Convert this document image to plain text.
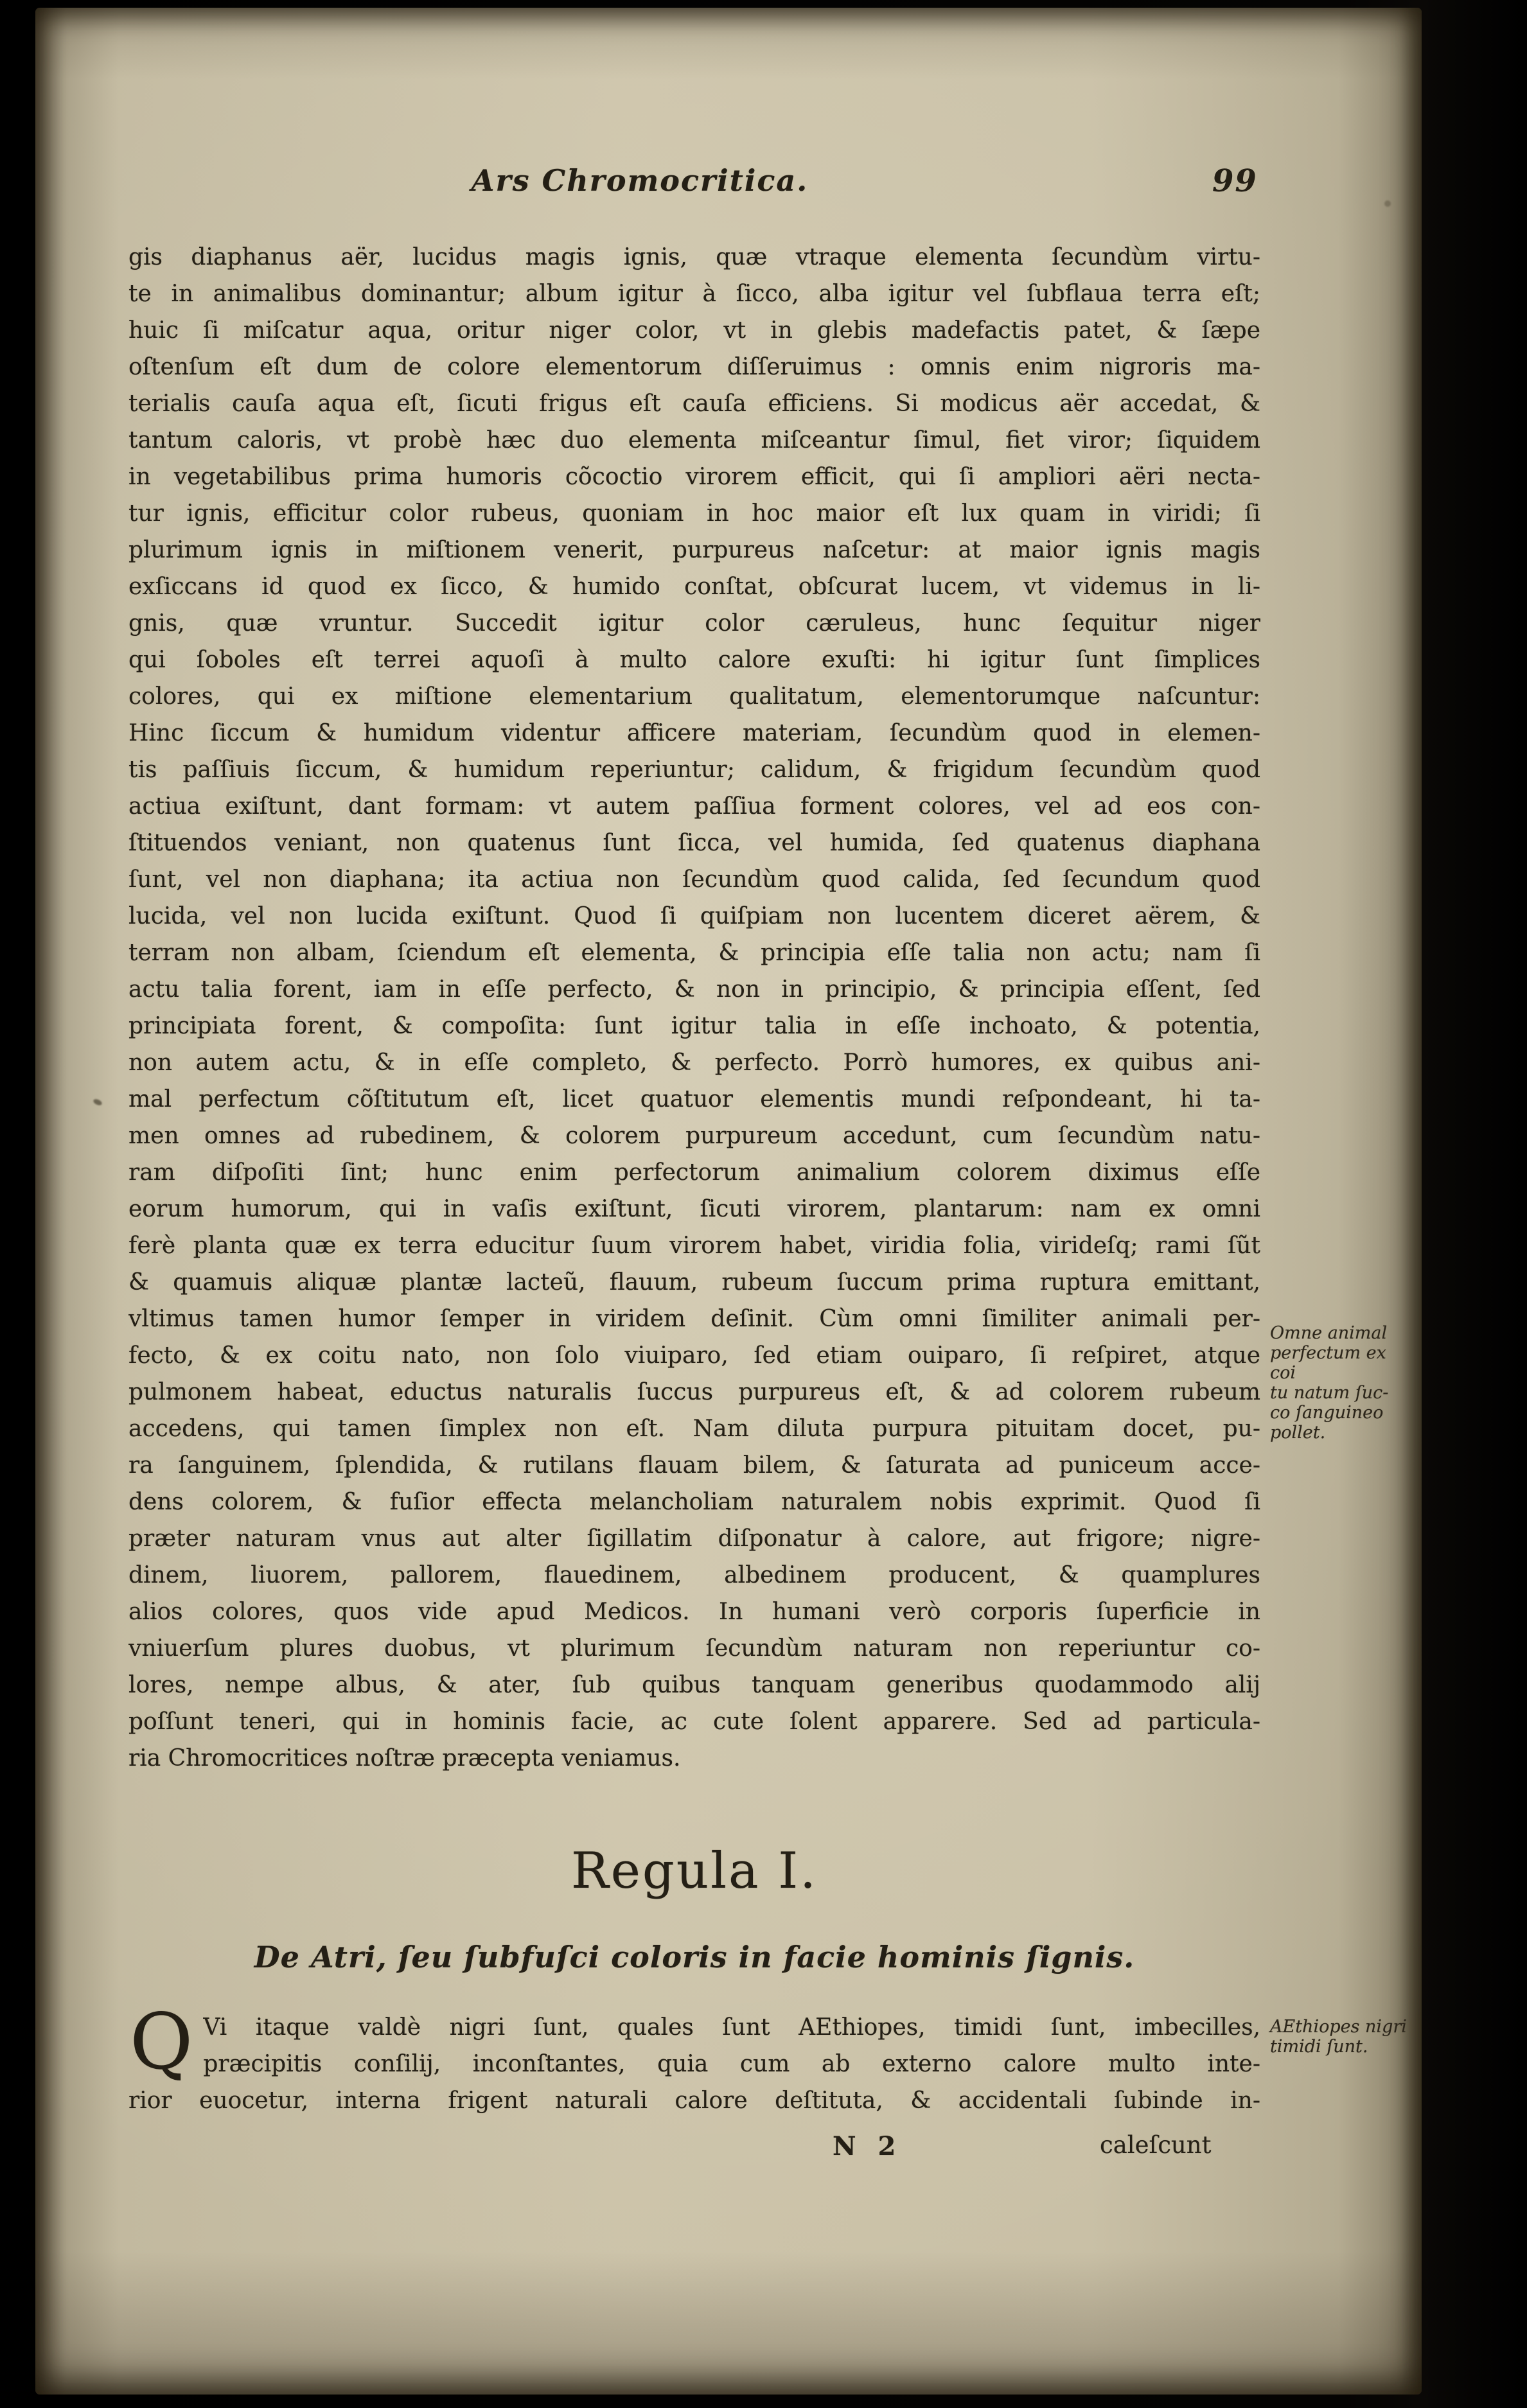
Ars Chromocritica.	99
gis diaphanus aër, lucidus magis ignis, quæ vtraque elementa ſecundùm virtu-
te in animalibus dominantur; album igitur à ſicco, alba igitur vel ſubflaua terra eſt;
huic ſi miſcatur aqua, oritur niger color, vt in glebis madefactis patet, & ſæpe
oſtenſum eſt dum de colore elementorum diſſeruimus : omnis enim nigroris ma-
terialis cauſa aqua eſt, ſicuti frigus eſt cauſa efficiens. Si modicus aër accedat, &
tantum caloris, vt probè hæc duo elementa miſceantur ſimul, fiet viror; ſiquidem
in vegetabilibus prima humoris cõcoctio virorem efficit, qui ſi ampliori aëri necta-
tur ignis, efficitur color rubeus, quoniam in hoc maior eſt lux quam in viridi; ſi
plurimum ignis in miſtionem venerit, purpureus naſcetur: at maior ignis magis
exſiccans id quod ex ſicco, & humido conſtat, obſcurat lucem, vt videmus in li-
gnis, quæ vruntur. Succedit igitur color cæruleus, hunc ſequitur niger
qui ſoboles eſt terrei aquoſi à multo calore exuſti: hi igitur ſunt ſimplices
colores, qui ex miſtione elementarium qualitatum, elementorumque naſcuntur:
Hinc ſiccum & humidum videntur afficere materiam, ſecundùm quod in elemen-
tis paſſiuis ſiccum, & humidum reperiuntur; calidum, & frigidum ſecundùm quod
actiua exiſtunt, dant formam: vt autem paſſiua forment colores, vel ad eos con-
ſtituendos veniant, non quatenus ſunt ſicca, vel humida, ſed quatenus diaphana
ſunt, vel non diaphana; ita actiua non ſecundùm quod calida, ſed ſecundum quod
lucida, vel non lucida exiſtunt. Quod ſi quiſpiam non lucentem diceret aërem, &
terram non albam, ſciendum eſt elementa, & principia eſſe talia non actu; nam ſi
actu talia forent, iam in eſſe perfecto, & non in principio, & principia eſſent, ſed
principiata forent, & compoſita: ſunt igitur talia in eſſe inchoato, & potentia,
non autem actu, & in eſſe completo, & perfecto. Porrò humores, ex quibus ani-
mal perfectum cõſtitutum eſt, licet quatuor elementis mundi reſpondeant, hi ta-
men omnes ad rubedinem, & colorem purpureum accedunt, cum ſecundùm natu-
ram diſpoſiti ſint; hunc enim perfectorum animalium colorem diximus eſſe
eorum humorum, qui in vaſis exiſtunt, ſicuti virorem, plantarum: nam ex omni
ferè planta quæ ex terra educitur ſuum virorem habet, viridia folia, virideſq; rami ſũt
& quamuis aliquæ plantæ lacteũ, flauum, rubeum ſuccum prima ruptura emittant,
vltimus tamen humor ſemper in viridem deſinit. Cùm omni ſimiliter animali per-
fecto, & ex coitu nato, non ſolo viuiparo, ſed etiam ouiparo, ſi reſpiret, atque
pulmonem habeat, eductus naturalis ſuccus purpureus eſt, & ad colorem rubeum
accedens, qui tamen ſimplex non eſt. Nam diluta purpura pituitam docet, pu-
ra ſanguinem, ſplendida, & rutilans flauam bilem, & ſaturata ad puniceum acce-
dens colorem, & fuſior effecta melancholiam naturalem nobis exprimit. Quod ſi
præter naturam vnus aut alter ſigillatim diſponatur à calore, aut frigore; nigre-
dinem, liuorem, pallorem, flauedinem, albedinem producent, & quamplures
alios colores, quos vide apud Medicos. In humani verò corporis ſuperficie in
vniuerſum plures duobus, vt plurimum ſecundùm naturam non reperiuntur co-
lores, nempe albus, & ater, ſub quibus tanquam generibus quodammodo alij
poſſunt teneri, qui in hominis facie, ac cute ſolent apparere. Sed ad particula-
ria Chromocritices noſtræ præcepta veniamus.
Omne animal
perfectum ex coi
tu natum ſuc-
co ſanguineo
pollet.
Regula I.
De Atri, ſeu ſubfuſci coloris in facie hominis ſignis.
Q Vi itaque valdè nigri ſunt, quales ſunt AEthiopes, timidi ſunt, imbecilles,
præcipitis conſilij, inconſtantes, quia cum ab externo calore multo inte-
rior euocetur, interna frigent naturali calore deſtituta, & accidentali ſubinde in-
AEthiopes nigri
timidi ſunt.
N 2	caleſcunt
